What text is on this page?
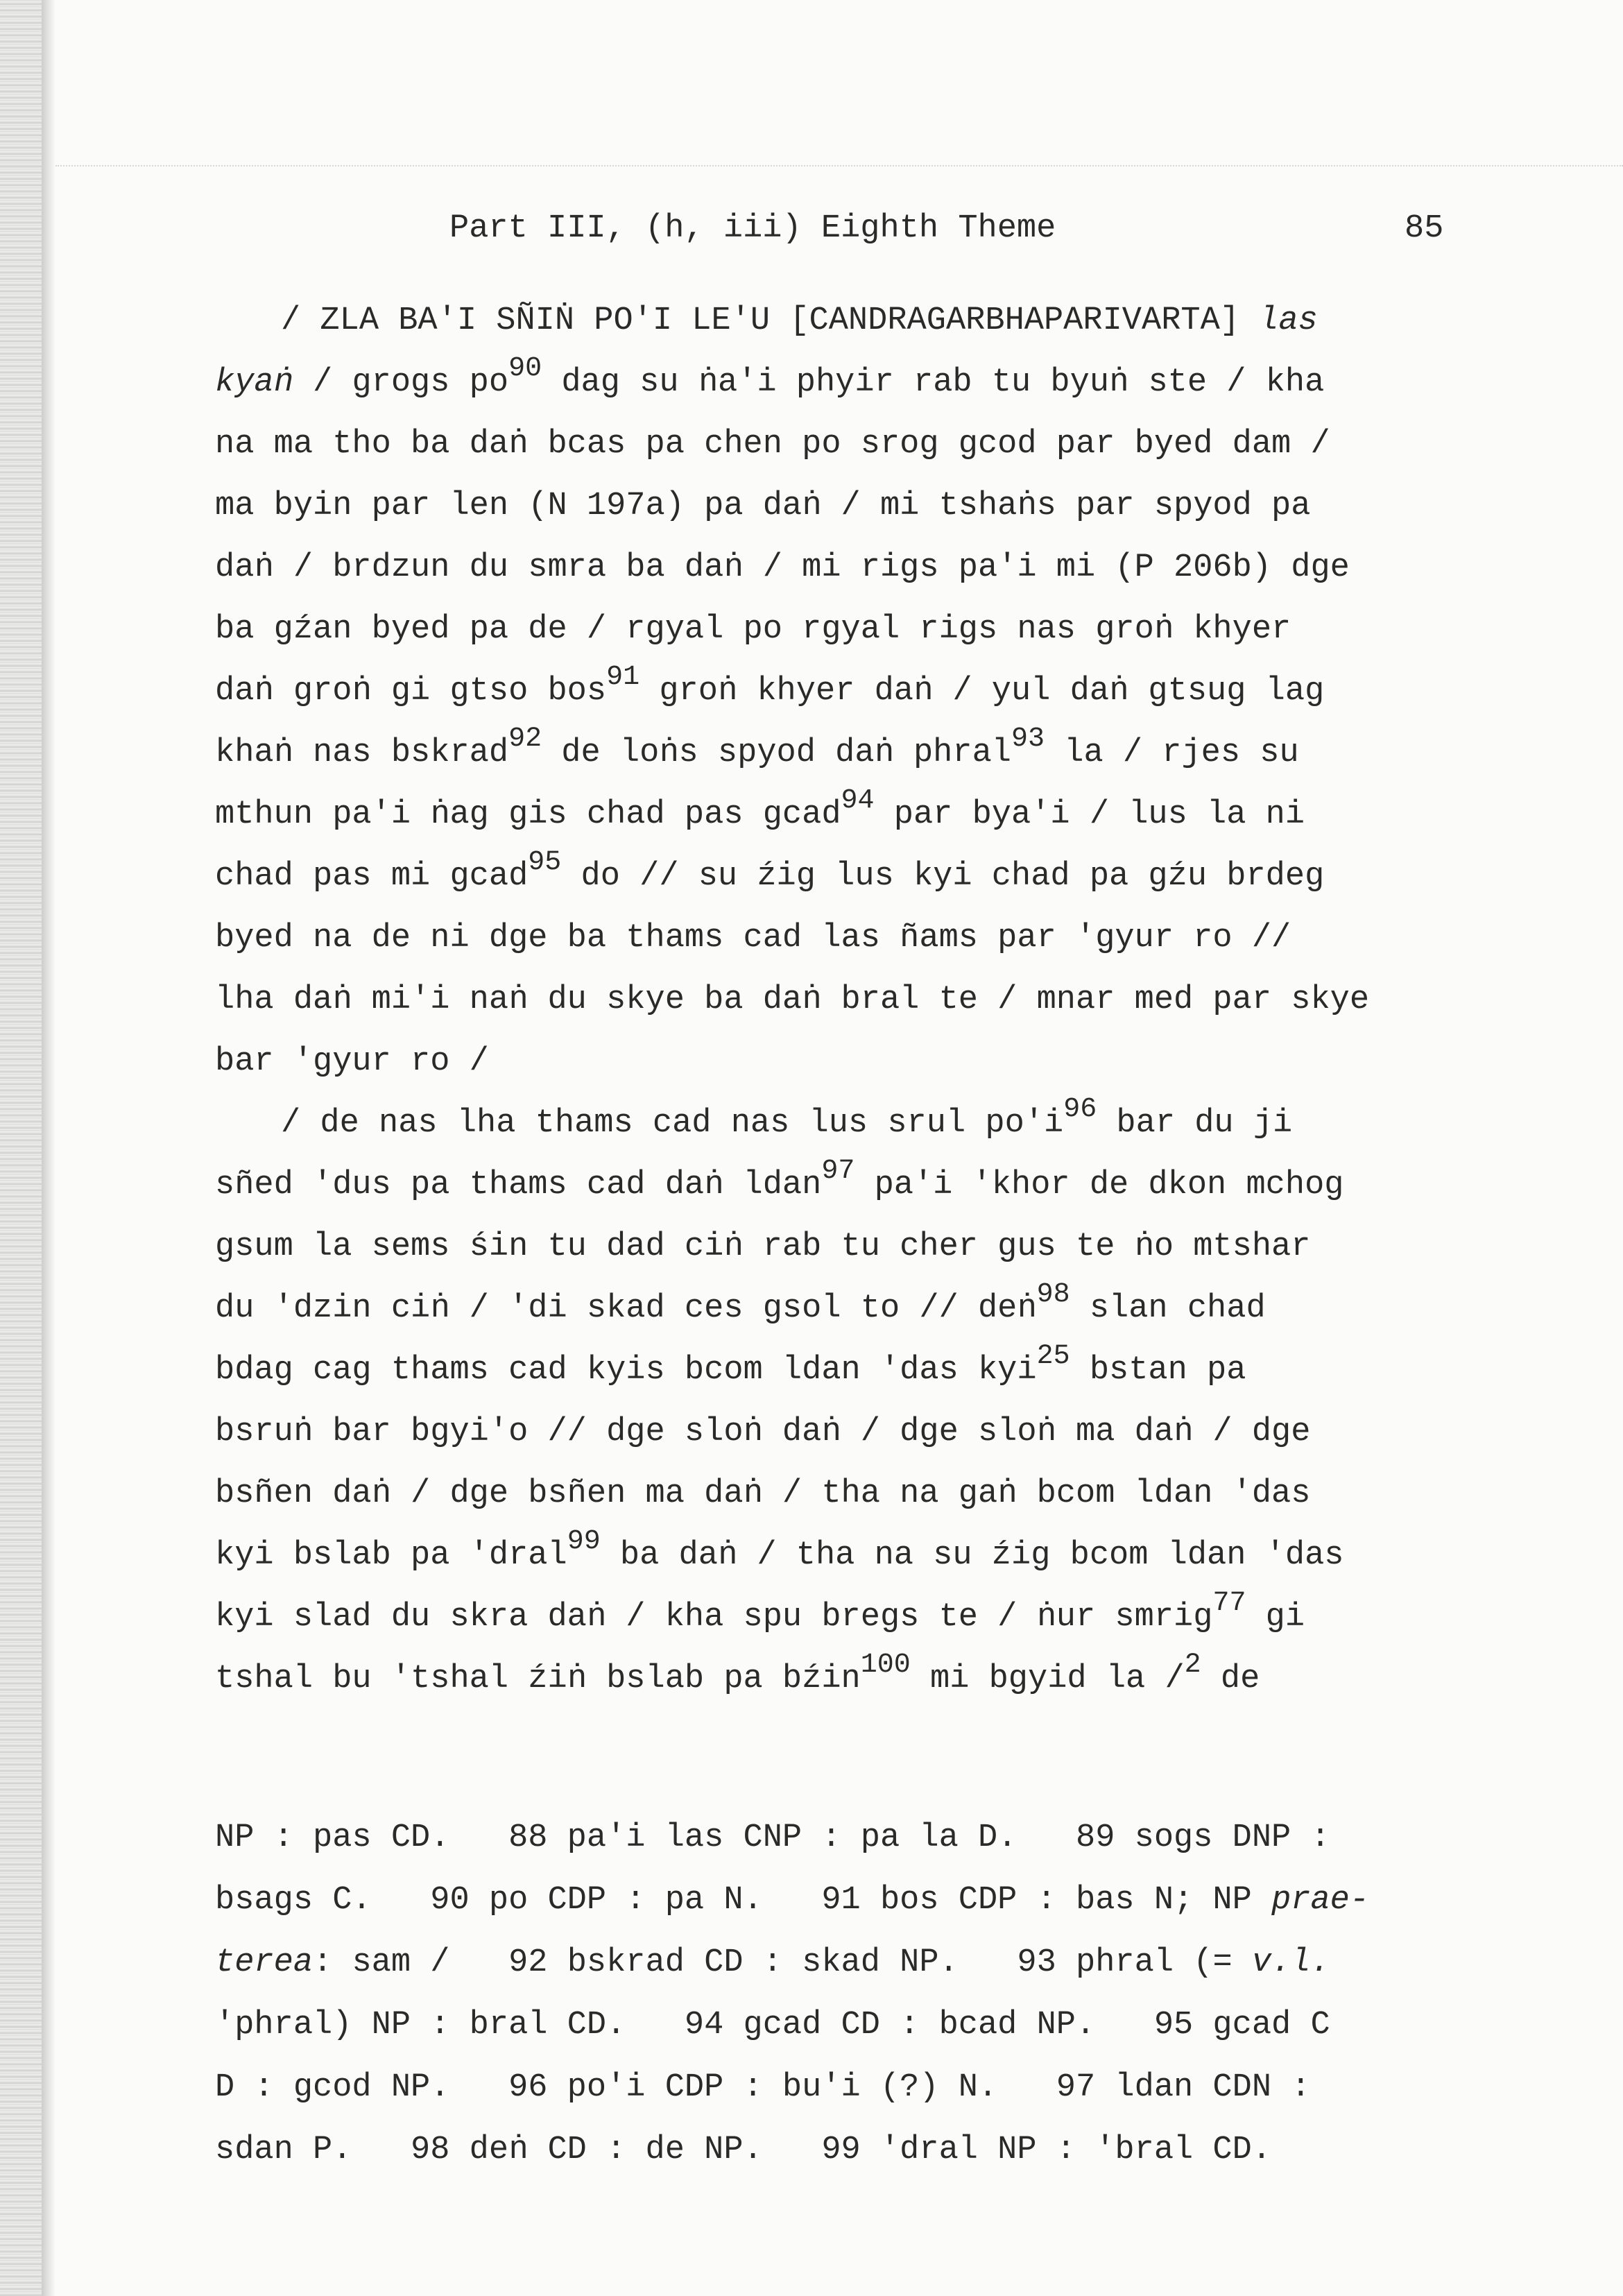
Part III, (h, iii) Eighth Theme	85
/ ZLA BA'I SÑIṄ PO'I LE'U [CANDRAGARBHAPARIVARTA] las
kyaṅ / grogs $po^{90}$ dag su ṅa'i phyir rab tu byuṅ ste / kha
na ma tho ba daṅ bcas pa chen po srog gcod par byed dam /
ma byin par len (N 197a) pa daṅ / mi tshaṅs par spyod pa
daṅ / brdzun du smra ba daṅ / mi rigs pa'i mi (P 206b) dge
ba gźan byed pa de / rgyal po rgyal rigs nas groṅ khyer
daṅ groṅ gi gtso bos$^{91}$ groṅ khyer daṅ / yul daṅ gtsug lag
khaṅ nas bskrad$^{92}$ de loṅs spyod daṅ phral$^{93}$ la / rjes su
mthun pa'i ṅag gis chad pas gcad$^{94}$ par bya'i / lus la ni
chad pas mi gcad$^{95}$ do // su źig lus kyi chad pa gźu brdeg
byed na de ni dge ba thams cad las ñams par 'gyur ro //
lha daṅ mi'i naṅ du skye ba daṅ bral te / mnar med par skye
bar 'gyur ro /
/ de nas lha thams cad nas lus srul $po'i^{96}$ bar du ji
sñed 'dus pa thams cad daṅ ldan$^{97}$ pa'i 'khor de dkon mchog
gsum la sems śin tu dad ciṅ rab tu cher gus te ṅo mtshar
du 'dzin ciṅ / 'di skad ces gsol to // deṅ$^{98}$ slan chad
bdag cag thams cad kyis bcom ldan 'das kyi$^{25}$ bstan pa
bsruṅ bar bgyi'o // dge sloṅ daṅ / dge sloṅ ma daṅ / dge
bsñen daṅ / dge bsñen ma daṅ / tha na gaṅ bcom ldan 'das
kyi bslab pa 'dral$^{99}$ ba daṅ / tha na su źig bcom ldan 'das
kyi slad du skra daṅ / kha spu bregs te / ṅur smrig$^{77}$ gi
tshal bu 'tshal źiṅ bslab pa bźin$^{100}$ mi bgyid la /$^2$ de
NP : pas CD.   88 pa'i las CNP : pa la D.   89 sogs DNP :
bsags C.   90 po CDP : pa N.   91 bos CDP : bas N; NP prae-
terea: sam /   92 bskrad CD : skad NP.   93 phral (= v.l.
'phral) NP : bral CD.   94 gcad CD : bcad NP.   95 gcad C
D : gcod NP.   96 po'i CDP : bu'i (?) N.   97 ldan CDN :
sdan P.   98 deṅ CD : de NP.   99 'dral NP : 'bral CD.
